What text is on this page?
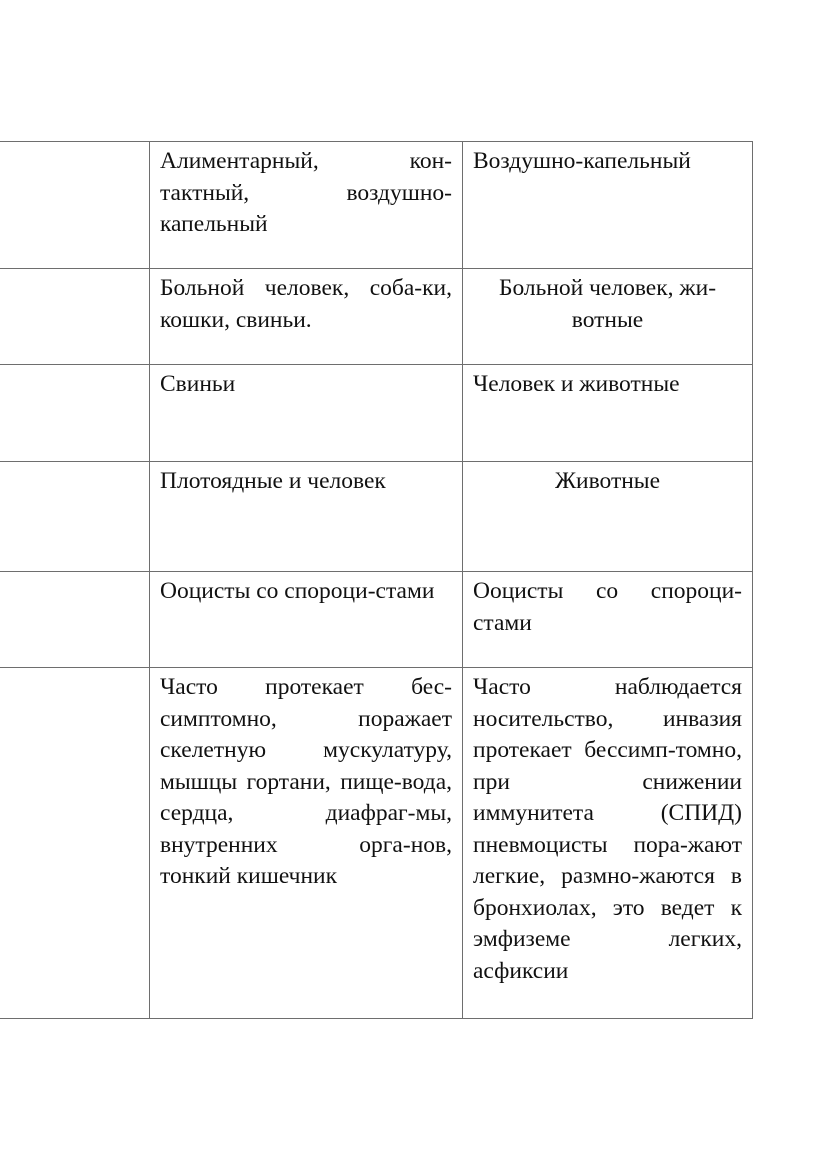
	Алиментарный, кон-тактный, воздушно-капельный	Воздушно-капельный

	Больной человек, соба-ки, кошки, свиньи.	Больной человек, жи-вотные

	Свиньи	Человек и животные

	Плотоядные и человек	Животные

	Ооцисты со спороци-стами	Ооцисты со спороци-стами

	Часто протекает бес-симптомно, поражает скелетную мускулатуру, мышцы гортани, пище-вода, сердца, диафраг-мы, внутренних орга-нов, тонкий кишечник	Часто наблюдается носительство, инвазия протекает бессимп-томно, при снижении иммунитета (СПИД) пневмоцисты пора-жают легкие, размно-жаются в бронхиолах, это ведет к эмфиземе легких, асфиксии
